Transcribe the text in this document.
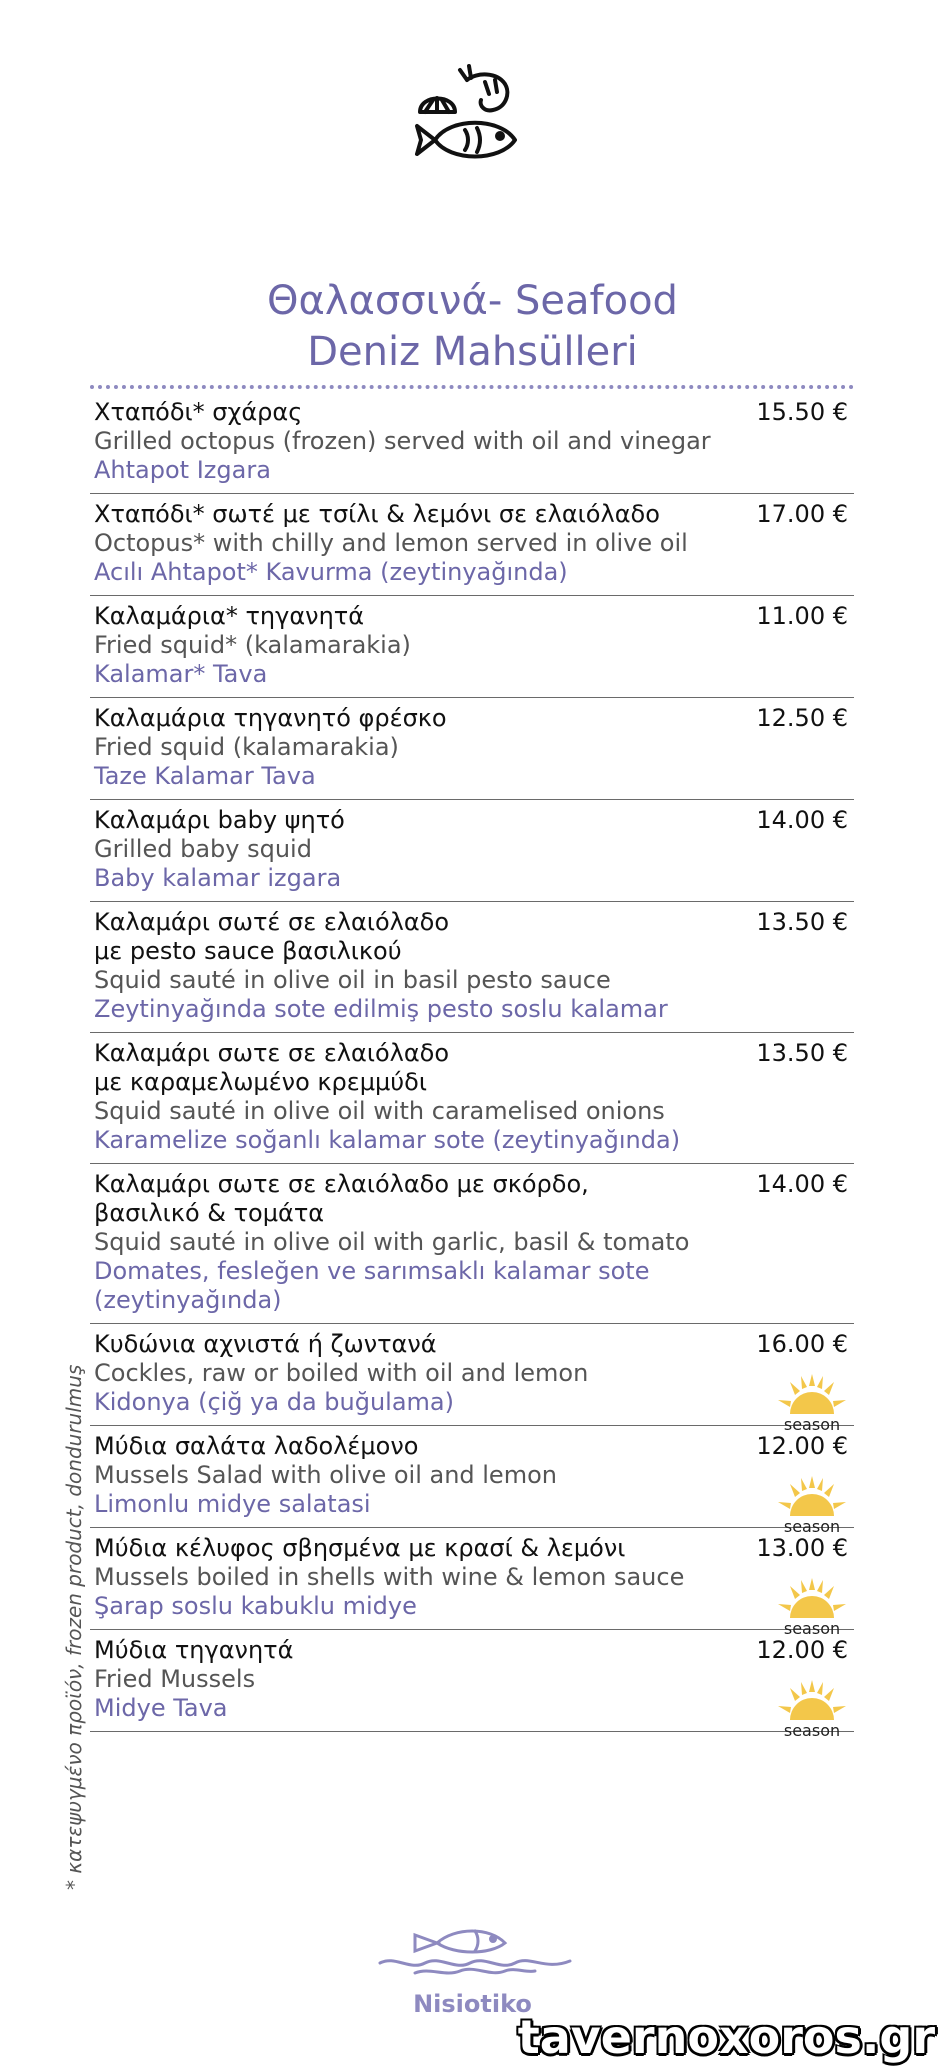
Θαλασσινά- Seafood
Deniz Mahsülleri
Χταπόδι* σχάρας
Grilled octopus (frozen) served with oil and vinegar
Ahtapot Izgara
15.50 €
Χταπόδι* σωτέ με τσίλι & λεμόνι σε ελαιόλαδο
Octopus* with chilly and lemon served in olive oil
Acılı Ahtapot* Kavurma (zeytinyağında)
17.00 €
Καλαμάρια* τηγανητά
Fried squid* (kalamarakia)
Kalamar* Tava
11.00 €
Καλαμάρια τηγανητό φρέσκο
Fried squid (kalamarakia)
Taze Kalamar Tava
12.50 €
Καλαμάρι baby ψητό
Grilled baby squid
Baby kalamar izgara
14.00 €
Καλαμάρι σωτέ σε ελαιόλαδο
με pesto sauce βασιλικού
Squid sauté in olive oil in basil pesto sauce
Zeytinyağında sote edilmiş pesto soslu kalamar
13.50 €
Καλαμάρι σωτε σε ελαιόλαδο
με καραμελωμένο κρεμμύδι
Squid sauté in olive oil with caramelised onions
Karamelize soğanlı kalamar sote (zeytinyağında)
13.50 €
Καλαμάρι σωτε σε ελαιόλαδο με σκόρδο,
βασιλικό & τομάτα
Squid sauté in olive oil with garlic, basil & tomato
Domates, fesleğen ve sarımsaklı kalamar sote
(zeytinyağında)
14.00 €
Κυδώνια αχνιστά ή ζωντανά
Cockles, raw or boiled with oil and lemon
Kidonya (çiğ ya da buğulama)
16.00 €
season
Μύδια σαλάτα λαδολέμονο
Mussels Salad with olive oil and lemon
Limonlu midye salatasi
12.00 €
season
Μύδια κέλυφος σβησμένα με κρασί & λεμόνι
Mussels boiled in shells with wine & lemon sauce
Şarap soslu kabuklu midye
13.00 €
season
Μύδια τηγανητά
Fried Mussels
Midye Tava
12.00 €
season
* κατεψυγμένο προϊόν, frozen product, dondurulmuş
Nisiotiko
tavernoxoros.gr
